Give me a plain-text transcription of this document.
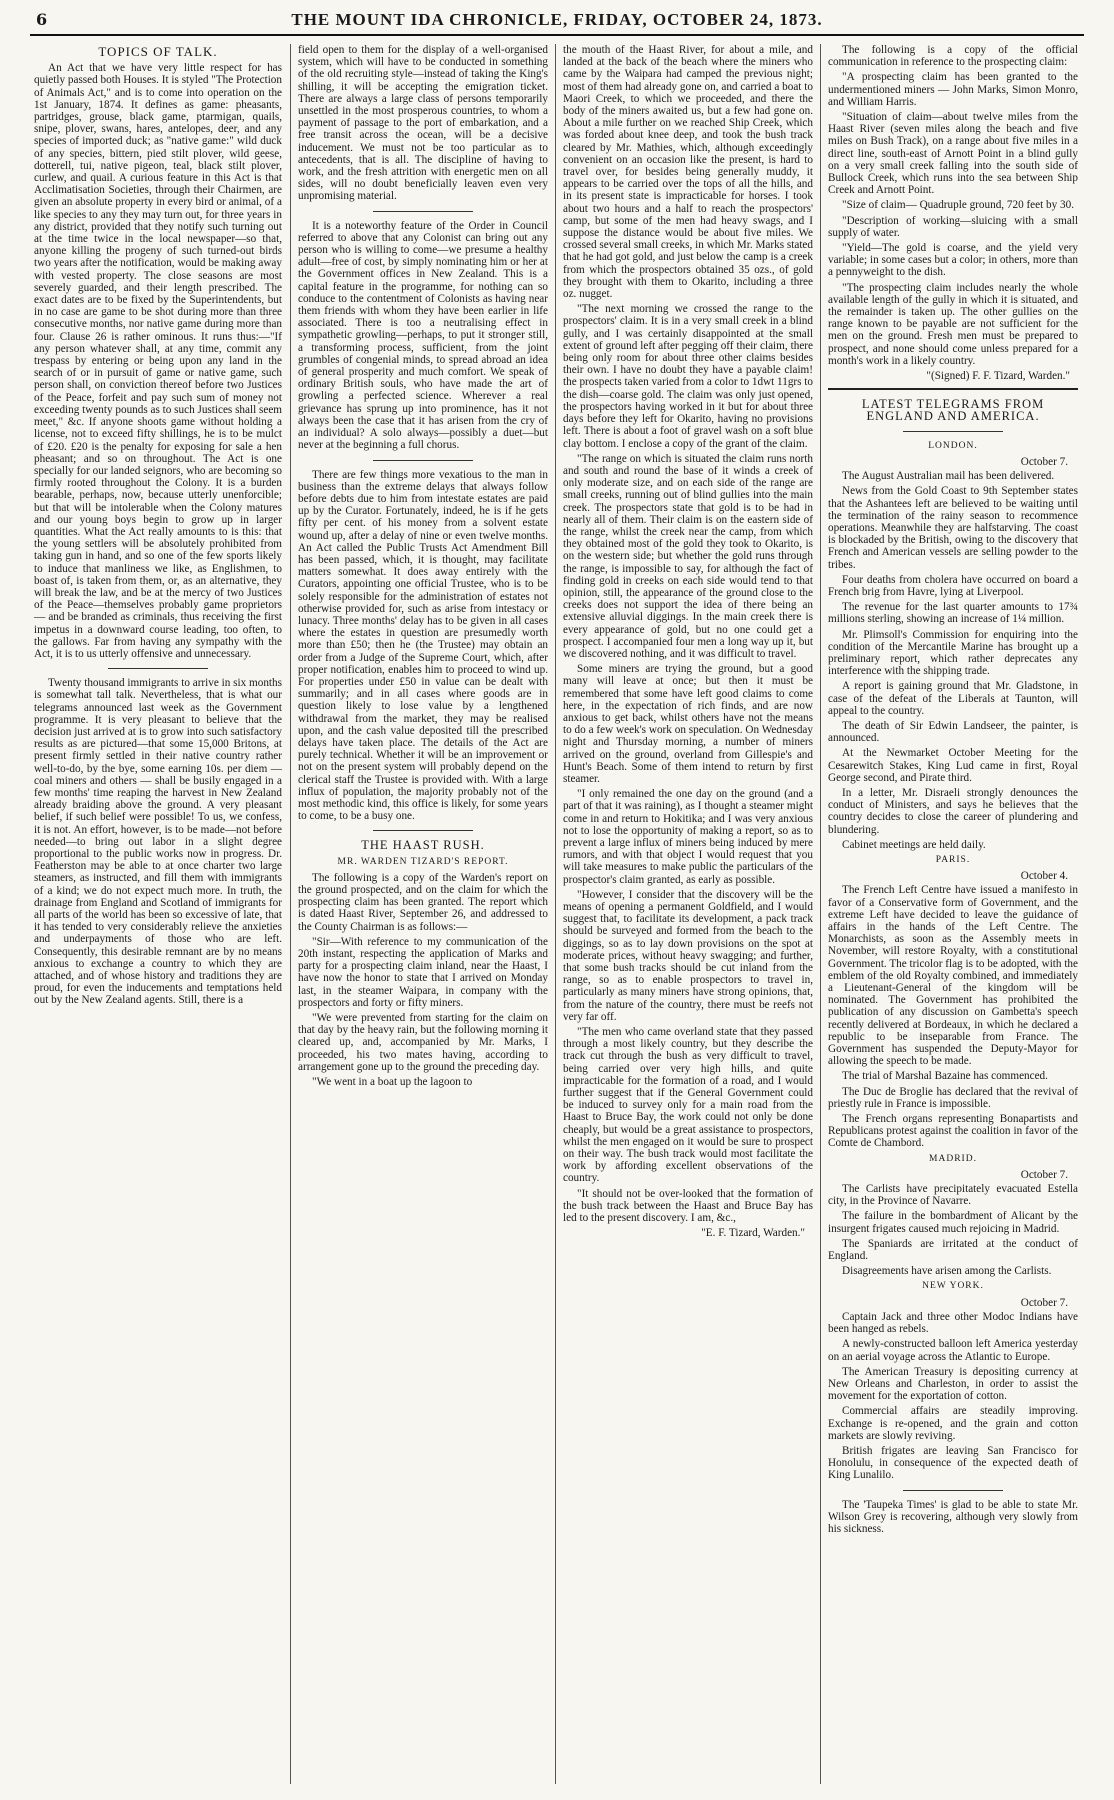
6	THE MOUNT IDA CHRONICLE, FRIDAY, OCTOBER 24, 1873.
TOPICS OF TALK.

An Act that we have very little respect for has quietly passed both Houses. It is styled "The Protection of Animals Act," and is to come into operation on the 1st January, 1874. It defines as game: pheasants, partridges, grouse, black game, ptarmigan, quails, snipe, plover, swans, hares, antelopes, deer, and any species of imported duck; as "native game:" wild duck of any species, bittern, pied stilt plover, wild geese, dotterell, tui, native pigeon, teal, black stilt plover, curlew, and quail. A curious feature in this Act is that Acclimatisation Societies, through their Chairmen, are given an absolute property in every bird or animal, of a like species to any they may turn out, for three years in any district, provided that they notify such turning out at the time twice in the local newspaper—so that, anyone killing the progeny of such turned-out birds two years after the notification, would be making away with vested property. The close seasons are most severely guarded, and their length prescribed. The exact dates are to be fixed by the Superintendents, but in no case are game to be shot during more than three consecutive months, nor native game during more than four. Clause 26 is rather ominous. It runs thus:—"If any person whatever shall, at any time, commit any trespass by entering or being upon any land in the search of or in pursuit of game or native game, such person shall, on conviction thereof before two Justices of the Peace, forfeit and pay such sum of money not exceeding twenty pounds as to such Justices shall seem meet," &c. If anyone shoots game without holding a license, not to exceed fifty shillings, he is to be mulct of £20. £20 is the penalty for exposing for sale a hen pheasant; and so on throughout. The Act is one specially for our landed seignors, who are becoming so firmly rooted throughout the Colony. It is a burden bearable, perhaps, now, because utterly unenforcible; but that will be intolerable when the Colony matures and our young boys begin to grow up in larger quantities. What the Act really amounts to is this: that the young settlers will be absolutely prohibited from taking gun in hand, and so one of the few sports likely to induce that manliness we like, as Englishmen, to boast of, is taken from them, or, as an alternative, they will break the law, and be at the mercy of two Justices of the Peace—themselves probably game proprietors — and be branded as criminals, thus receiving the first impetus in a downward course leading, too often, to the gallows. Far from having any sympathy with the Act, it is to us utterly offensive and unnecessary.

Twenty thousand immigrants to arrive in six months is somewhat tall talk. Nevertheless, that is what our telegrams announced last week as the Government programme. It is very pleasant to believe that the decision just arrived at is to grow into such satisfactory results as are pictured—that some 15,000 Britons, at present firmly settled in their native country rather well-to-do, by the bye, some earning 10s. per diem — coal miners and others — shall be busily engaged in a few months' time reaping the harvest in New Zealand already braiding above the ground. A very pleasant belief, if such belief were possible! To us, we confess, it is not. An effort, however, is to be made—not before needed—to bring out labor in a slight degree proportional to the public works now in progress. Dr. Featherston may be able to at once charter two large steamers, as instructed, and fill them with immigrants of a kind; we do not expect much more. In truth, the drainage from England and Scotland of immigrants for all parts of the world has been so excessive of late, that it has tended to very considerably relieve the anxieties and underpayments of those who are left. Consequently, this desirable remnant are by no means anxious to exchange a country to which they are attached, and of whose history and traditions they are proud, for even the inducements and temptations held out by the New Zealand agents. Still, there is a

field open to them for the display of a well-organised system, which will have to be conducted in something of the old recruiting style—instead of taking the King's shilling, it will be accepting the emigration ticket. There are always a large class of persons temporarily unsettled in the most prosperous countries, to whom a payment of passage to the port of embarkation, and a free transit across the ocean, will be a decisive inducement. We must not be too particular as to antecedents, that is all. The discipline of having to work, and the fresh attrition with energetic men on all sides, will no doubt beneficially leaven even very unpromising material.

It is a noteworthy feature of the Order in Council referred to above that any Colonist can bring out any person who is willing to come—we presume a healthy adult—free of cost, by simply nominating him or her at the Government offices in New Zealand. This is a capital feature in the programme, for nothing can so conduce to the contentment of Colonists as having near them friends with whom they have been earlier in life associated. There is too a neutralising effect in sympathetic growling—perhaps, to put it stronger still, a transforming process, sufficient, from the joint grumbles of congenial minds, to spread abroad an idea of general prosperity and much comfort. We speak of ordinary British souls, who have made the art of growling a perfected science. Wherever a real grievance has sprung up into prominence, has it not always been the case that it has arisen from the cry of an individual? A solo always—possibly a duet—but never at the beginning a full chorus.

There are few things more vexatious to the man in business than the extreme delays that always follow before debts due to him from intestate estates are paid up by the Curator. Fortunately, indeed, he is if he gets fifty per cent. of his money from a solvent estate wound up, after a delay of nine or even twelve months. An Act called the Public Trusts Act Amendment Bill has been passed, which, it is thought, may facilitate matters somewhat. It does away entirely with the Curators, appointing one official Trustee, who is to be solely responsible for the administration of estates not otherwise provided for, such as arise from intestacy or lunacy. Three months' delay has to be given in all cases where the estates in question are presumedly worth more than £50; then he (the Trustee) may obtain an order from a Judge of the Supreme Court, which, after proper notification, enables him to proceed to wind up. For properties under £50 in value can be dealt with summarily; and in all cases where goods are in question likely to lose value by a lengthened withdrawal from the market, they may be realised upon, and the cash value deposited till the prescribed delays have taken place. The details of the Act are purely technical. Whether it will be an improvement or not on the present system will probably depend on the clerical staff the Trustee is provided with. With a large influx of population, the majority probably not of the most methodic kind, this office is likely, for some years to come, to be a busy one.

THE HAAST RUSH.
MR. WARDEN TIZARD'S REPORT.

The following is a copy of the Warden's report on the ground prospected, and on the claim for which the prospecting claim has been granted. The report which is dated Haast River, September 26, and addressed to the County Chairman is as follows:—

"Sir—With reference to my communication of the 20th instant, respecting the application of Marks and party for a prospecting claim inland, near the Haast, I have now the honor to state that I arrived on Monday last, in the steamer Waipara, in company with the prospectors and forty or fifty miners.

"We were prevented from starting for the claim on that day by the heavy rain, but the following morning it cleared up, and, accompanied by Mr. Marks, I proceeded, his two mates having, according to arrangement gone up to the ground the preceding day.

"We went in a boat up the lagoon to

the mouth of the Haast River, for about a mile, and landed at the back of the beach where the miners who came by the Waipara had camped the previous night; most of them had already gone on, and carried a boat to Maori Creek, to which we proceeded, and there the body of the miners awaited us, but a few had gone on. About a mile further on we reached Ship Creek, which was forded about knee deep, and took the bush track cleared by Mr. Mathies, which, although exceedingly convenient on an occasion like the present, is hard to travel over, for besides being generally muddy, it appears to be carried over the tops of all the hills, and in its present state is impracticable for horses. I took about two hours and a half to reach the prospectors' camp, but some of the men had heavy swags, and I suppose the distance would be about five miles. We crossed several small creeks, in which Mr. Marks stated that he had got gold, and just below the camp is a creek from which the prospectors obtained 35 ozs., of gold they brought with them to Okarito, including a three oz. nugget.

"The next morning we crossed the range to the prospectors' claim. It is in a very small creek in a blind gully, and I was certainly disappointed at the small extent of ground left after pegging off their claim, there being only room for about three other claims besides their own. I have no doubt they have a payable claim! the prospects taken varied from a color to 1dwt 11grs to the dish—coarse gold. The claim was only just opened, the prospectors having worked in it but for about three days before they left for Okarito, having no provisions left. There is about a foot of gravel wash on a soft blue clay bottom. I enclose a copy of the grant of the claim.

"The range on which is situated the claim runs north and south and round the base of it winds a creek of only moderate size, and on each side of the range are small creeks, running out of blind gullies into the main creek. The prospectors state that gold is to be had in nearly all of them. Their claim is on the eastern side of the range, whilst the creek near the camp, from which they obtained most of the gold they took to Okarito, is on the western side; but whether the gold runs through the range, is impossible to say, for although the fact of finding gold in creeks on each side would tend to that opinion, still, the appearance of the ground close to the creeks does not support the idea of there being an extensive alluvial diggings. In the main creek there is every appearance of gold, but no one could get a prospect. I accompanied four men a long way up it, but we discovered nothing, and it was difficult to travel.

Some miners are trying the ground, but a good many will leave at once; but then it must be remembered that some have left good claims to come here, in the expectation of rich finds, and are now anxious to get back, whilst others have not the means to do a few week's work on speculation. On Wednesday night and Thursday morning, a number of miners arrived on the ground, overland from Gillespie's and Hunt's Beach. Some of them intend to return by first steamer.

"I only remained the one day on the ground (and a part of that it was raining), as I thought a steamer might come in and return to Hokitika; and I was very anxious not to lose the opportunity of making a report, so as to prevent a large influx of miners being induced by mere rumors, and with that object I would request that you will take measures to make public the particulars of the prospector's claim granted, as early as possible.

"However, I consider that the discovery will be the means of opening a permanent Goldfield, and I would suggest that, to facilitate its development, a pack track should be surveyed and formed from the beach to the diggings, so as to lay down provisions on the spot at moderate prices, without heavy swagging; and further, that some bush tracks should be cut inland from the range, so as to enable prospectors to travel in, particularly as many miners have strong opinions, that, from the nature of the country, there must be reefs not very far off.

"The men who came overland state that they passed through a most likely country, but they describe the track cut through the bush as very difficult to travel, being carried over very high hills, and quite impracticable for the formation of a road, and I would further suggest that if the General Government could be induced to survey only for a main road from the Haast to Bruce Bay, the work could not only be done cheaply, but would be a great assistance to prospectors, whilst the men engaged on it would be sure to prospect on their way. The bush track would most facilitate the work by affording excellent observations of the country.

"It should not be over-looked that the formation of the bush track between the Haast and Bruce Bay has led to the present discovery. I am, &c.,

"E. F. Tizard, Warden."

The following is a copy of the official communication in reference to the prospecting claim:

"A prospecting claim has been granted to the undermentioned miners — John Marks, Simon Monro, and William Harris.

"Situation of claim—about twelve miles from the Haast River (seven miles along the beach and five miles on Bush Track), on a range about five miles in a direct line, south-east of Arnott Point in a blind gully on a very small creek falling into the south side of Bullock Creek, which runs into the sea between Ship Creek and Arnott Point.

"Size of claim— Quadruple ground, 720 feet by 30.

"Description of working—sluicing with a small supply of water.

"Yield—The gold is coarse, and the yield very variable; in some cases but a color; in others, more than a pennyweight to the dish.

"The prospecting claim includes nearly the whole available length of the gully in which it is situated, and the remainder is taken up. The other gullies on the range known to be payable are not sufficient for the men on the ground. Fresh men must be prepared to prospect, and none should come unless prepared for a month's work in a likely country.

"(Signed) F. F. Tizard, Warden."
LATEST TELEGRAMS FROM ENGLAND AND AMERICA.
LONDON.
October 7.

The August Australian mail has been delivered.

News from the Gold Coast to 9th September states that the Ashantees left are believed to be waiting until the termination of the rainy season to recommence operations. Meanwhile they are halfstarving. The coast is blockaded by the British, owing to the discovery that French and American vessels are selling powder to the tribes.

Four deaths from cholera have occurred on board a French brig from Havre, lying at Liverpool.

The revenue for the last quarter amounts to 17¾ millions sterling, showing an increase of 1¼ million.

Mr. Plimsoll's Commission for enquiring into the condition of the Mercantile Marine has brought up a preliminary report, which rather deprecates any interference with the shipping trade.

A report is gaining ground that Mr. Gladstone, in case of the defeat of the Liberals at Taunton, will appeal to the country.

The death of Sir Edwin Landseer, the painter, is announced.

At the Newmarket October Meeting for the Cesarewitch Stakes, King Lud came in first, Royal George second, and Pirate third.

In a letter, Mr. Disraeli strongly denounces the conduct of Ministers, and says he believes that the country decides to close the career of plundering and blundering.

Cabinet meetings are held daily.

PARIS.
October 4.

The French Left Centre have issued a manifesto in favor of a Conservative form of Government, and the extreme Left have decided to leave the guidance of affairs in the hands of the Left Centre. The Monarchists, as soon as the Assembly meets in November, will restore Royalty, with a constitutional Government. The tricolor flag is to be adopted, with the emblem of the old Royalty combined, and immediately a Lieutenant-General of the kingdom will be nominated. The Government has prohibited the publication of any discussion on Gambetta's speech recently delivered at Bordeaux, in which he declared a republic to be inseparable from France. The Government has suspended the Deputy-Mayor for allowing the speech to be made.

The trial of Marshal Bazaine has commenced.

The Duc de Broglie has declared that the revival of priestly rule in France is impossible.

The French organs representing Bonapartists and Republicans protest against the coalition in favor of the Comte de Chambord.

MADRID.
October 7.

The Carlists have precipitately evacuated Estella city, in the Province of Navarre.

The failure in the bombardment of Alicant by the insurgent frigates caused much rejoicing in Madrid.

The Spaniards are irritated at the conduct of England.

Disagreements have arisen among the Carlists.

NEW YORK.
October 7.

Captain Jack and three other Modoc Indians have been hanged as rebels.

A newly-constructed balloon left America yesterday on an aerial voyage across the Atlantic to Europe.

The American Treasury is depositing currency at New Orleans and Charleston, in order to assist the movement for the exportation of cotton.

Commercial affairs are steadily improving. Exchange is re-opened, and the grain and cotton markets are slowly reviving.

British frigates are leaving San Francisco for Honolulu, in consequence of the expected death of King Lunalilo.

The 'Taupeka Times' is glad to be able to state Mr. Wilson Grey is recovering, although very slowly from his sickness.
